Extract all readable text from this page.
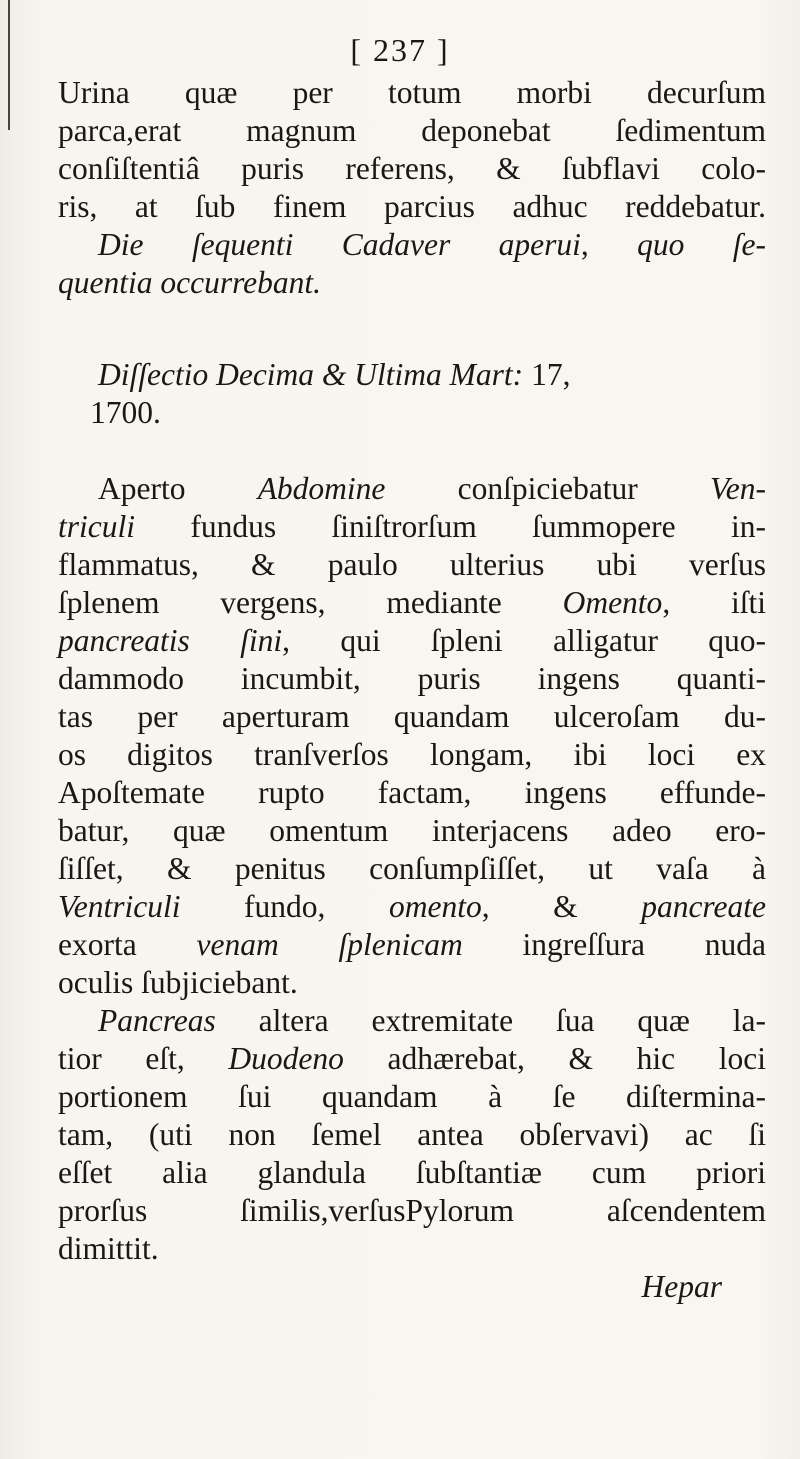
[ 237 ]
Urina quæ per totum morbi decurſum
parca,erat magnum deponebat ſedimentum
conſiſtentiâ puris referens, & ſubflavi colo-
ris, at ſub finem parcius adhuc reddebatur.
Die ſequenti Cadaver aperui, quo ſe-
quentia occurrebant.
Diſſectio Decima & Ultima Mart: 17,
1700.
Aperto Abdomine conſpiciebatur Ven-
triculi fundus ſiniſtrorſum ſummopere in-
flammatus, & paulo ulterius ubi verſus
ſplenem vergens, mediante Omento, iſti
pancreatis ſini, qui ſpleni alligatur quo-
dammodo incumbit, puris ingens quanti-
tas per aperturam quandam ulceroſam du-
os digitos tranſverſos longam, ibi loci ex
Apoſtemate rupto factam, ingens effunde-
batur, quæ omentum interjacens adeo ero-
ſiſſet, & penitus conſumpſiſſet, ut vaſa à
Ventriculi fundo, omento, & pancreate
exorta venam ſplenicam ingreſſura nuda
oculis ſubjiciebant.
Pancreas altera extremitate ſua quæ la-
tior eſt, Duodeno adhærebat, & hic loci
portionem ſui quandam à ſe diſtermina-
tam, (uti non ſemel antea obſervavi) ac ſi
eſſet alia glandula ſubſtantiæ cum priori
prorſus ſimilis,verſusPylorum aſcendentem
dimittit.
Hepar
